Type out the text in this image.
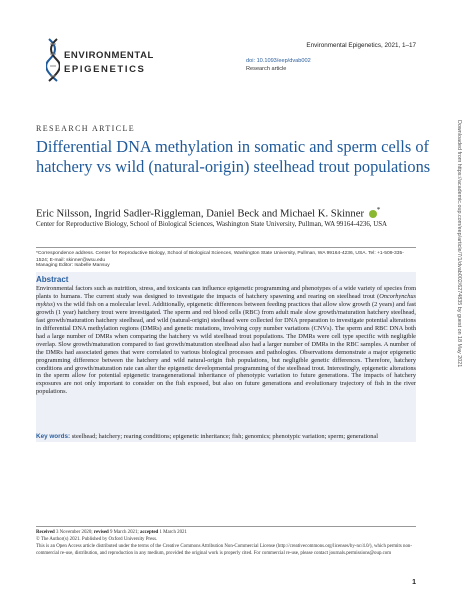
ENVIRONMENTAL
EPIGENETICS
Environmental Epigenetics, 2021, 1–17
doi: 10.1093/eep/dvab002
Research article
RESEARCH ARTICLE
Differential DNA methylation in somatic and sperm cells of hatchery vs wild (natural-origin) steelhead trout populations
Eric Nilsson, Ingrid Sadler-Riggleman, Daniel Beck and Michael K. Skinner *
Center for Reproductive Biology, School of Biological Sciences, Washington State University, Pullman, WA 99164-4236, USA
*Correspondence address. Center for Reproductive Biology, School of Biological Sciences, Washington State University, Pullman, WA 99164-4236, USA. Tel: +1-509-335-1524; E-mail: skinner@wsu.edu
Managing Editor: Isabelle Mansuy
Abstract
Environmental factors such as nutrition, stress, and toxicants can influence epigenetic programming and phenotypes of a wide variety of species from plants to humans. The current study was designed to investigate the impacts of hatchery spawning and rearing on steelhead trout (Oncorhynchus mykiss) vs the wild fish on a molecular level. Additionally, epigenetic differences between feeding practices that allow slow growth (2 years) and fast growth (1 year) hatchery trout were investigated. The sperm and red blood cells (RBC) from adult male slow growth/maturation hatchery steelhead, fast growth/maturation hatchery steelhead, and wild (natural-origin) steelhead were collected for DNA preparation to investigate potential alterations in differential DNA methylation regions (DMRs) and genetic mutations, involving copy number variations (CNVs). The sperm and RBC DNA both had a large number of DMRs when comparing the hatchery vs wild steelhead trout populations. The DMRs were cell type specific with negligible overlap. Slow growth/maturation compared to fast growth/maturation steelhead also had a larger number of DMRs in the RBC samples. A number of the DMRs had associated genes that were correlated to various biological processes and pathologies. Observations demonstrate a major epigenetic programming difference between the hatchery and wild natural-origin fish populations, but negligible genetic differences. Therefore, hatchery conditions and growth/maturation rate can alter the epigenetic developmental programming of the steelhead trout. Interestingly, epigenetic alterations in the sperm allow for potential epigenetic transgenerational inheritance of phenotypic variation to future generations. The impacts of hatchery exposures are not only important to consider on the fish exposed, but also on future generations and evolutionary trajectory of fish in the river populations.
Key words: steelhead; hatchery; rearing conditions; epigenetic inheritance; fish; genomics; phenotypic variation; sperm; generational
Received 3 November 2020; revised 9 March 2021; accepted 1 March 2021
© The Author(s) 2021. Published by Oxford University Press.
This is an Open Access article distributed under the terms of the Creative Commons Attribution Non-Commercial License (http://creativecommons.org/licenses/by-nc/4.0/), which permits non-commercial re-use, distribution, and reproduction in any medium, provided the original work is properly cited. For commercial re-use, please contact journals.permissions@oup.com
1
Downloaded from https://academic.oup.com/eep/article/7/1/dvab002/6274835 by guest on 18 May 2021
